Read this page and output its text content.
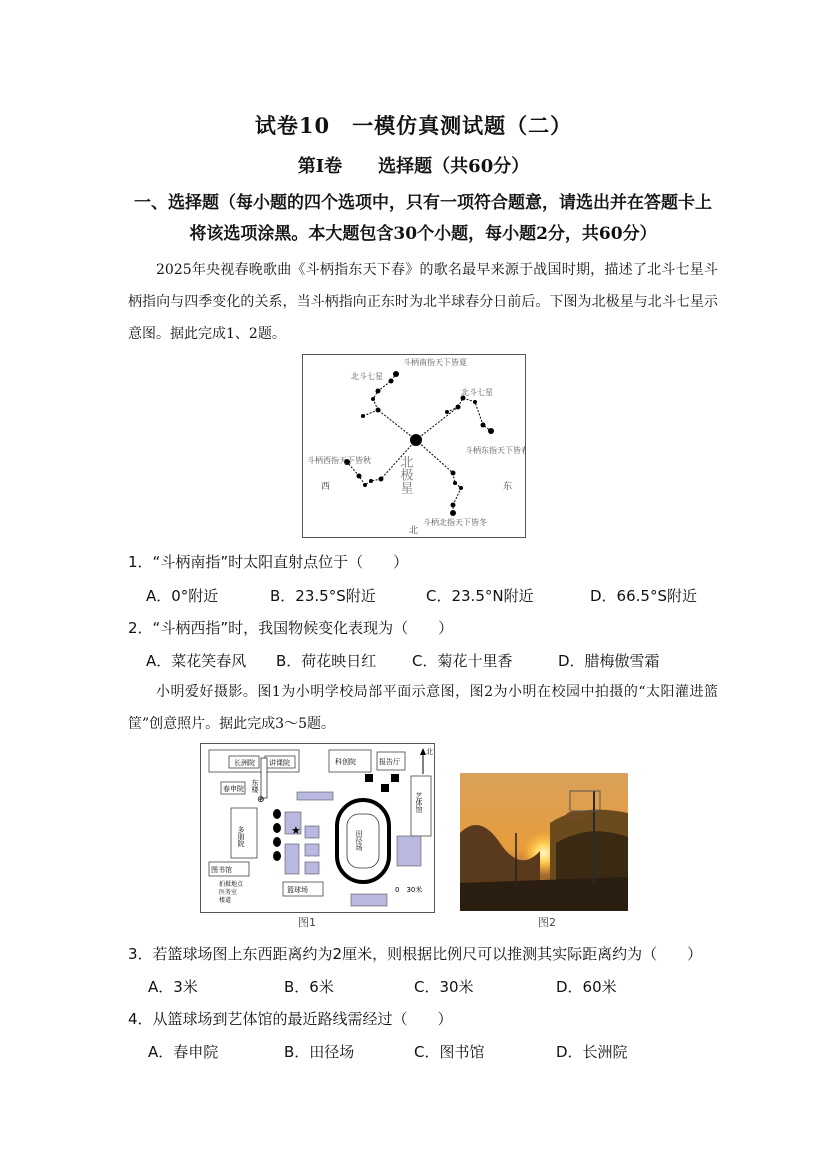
试卷10　一模仿真测试题（二）
第Ⅰ卷　　选择题（共60分）
一、选择题（每小题的四个选项中，只有一项符合题意，请选出并在答题卡上将该选项涂黑。本大题包含30个小题，每小题2分，共60分）
2025年央视春晚歌曲《斗柄指东天下春》的歌名最早来源于战国时期，描述了北斗七星斗柄指向与四季变化的关系，当斗柄指向正东时为北半球春分日前后。下图为北极星与北斗七星示意图。据此完成1、2题。
北极星
北斗七星
北斗七星
斗柄南指天下皆夏
斗柄东指天下皆春
斗柄西指天下皆秋
斗柄北指天下皆冬
西	东
北
1．“斗柄南指”时太阳直射点位于（　　）
A．0°附近	B．23.5°S附近	C．23.5°N附近	D．66.5°S附近
2．“斗柄西指”时，我国物候变化表现为（　　）
A．菜花笑春风 B．荷花映日红 C．菊花十里香	D．腊梅傲雪霜
小明爱好摄影。图1为小明学校局部平面示意图，图2为小明在校园中拍摄的“太阳灌进篮筐”创意照片。据此完成3～5题。
★
⊕
北
长洲院 讲课院	科创院	报告厅
春申院 东楼
图书馆
艺体馆
多朋院	田径场
篮球场	0　30米
拍摄地点
医务室
楼道
图1	图2
3．若篮球场图上东西距离约为2厘米，则根据比例尺可以推测其实际距离约为（　　）
A．3米	B．6米	C．30米	D．60米
4．从篮球场到艺体馆的最近路线需经过（　　）
A．春申院	B．田径场	C．图书馆	D．长洲院
